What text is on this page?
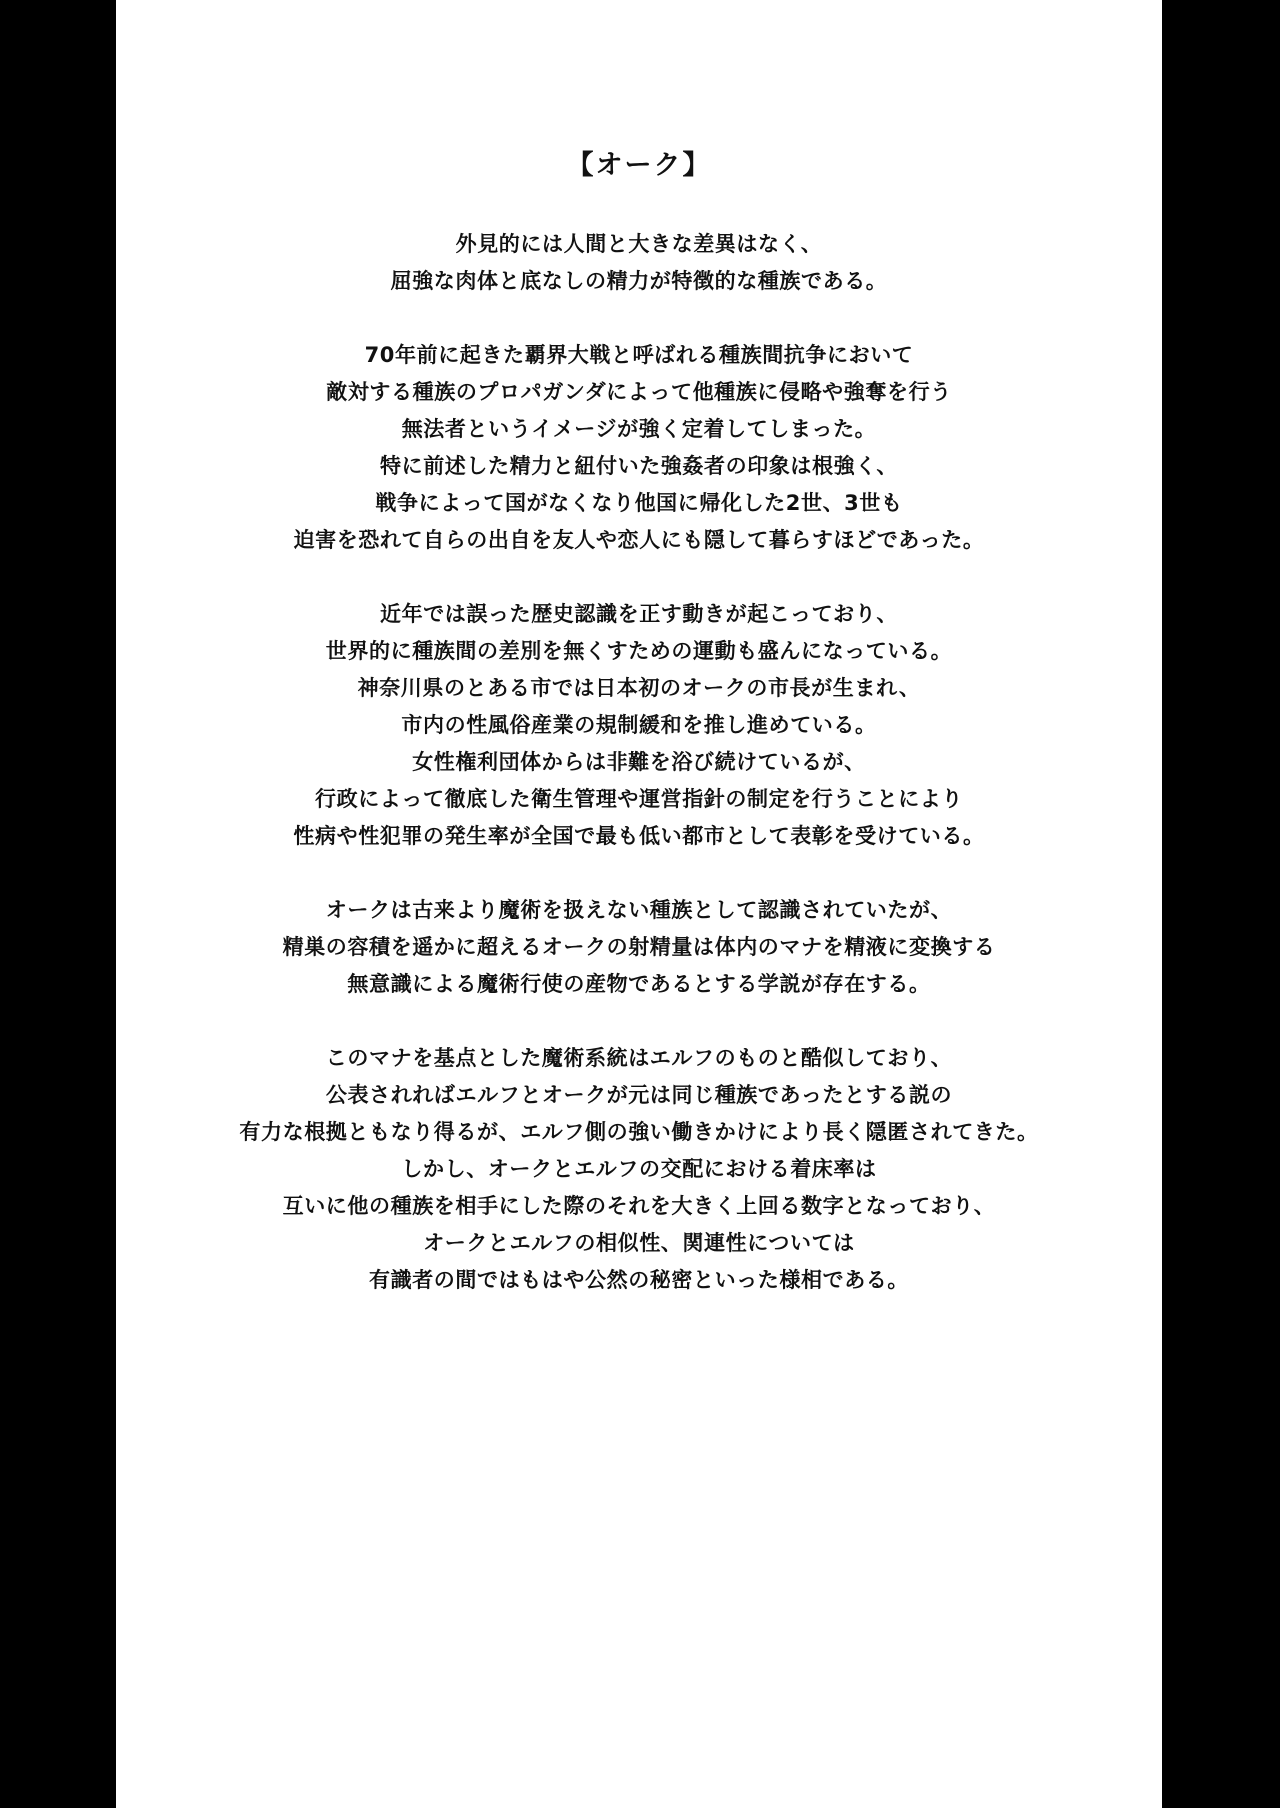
【オーク】
外見的には人間と大きな差異はなく、
屈強な肉体と底なしの精力が特徴的な種族である。
70年前に起きた覇界大戦と呼ばれる種族間抗争において
敵対する種族のプロパガンダによって他種族に侵略や強奪を行う
無法者というイメージが強く定着してしまった。
特に前述した精力と紐付いた強姦者の印象は根強く、
戦争によって国がなくなり他国に帰化した2世、3世も
迫害を恐れて自らの出自を友人や恋人にも隠して暮らすほどであった。
近年では誤った歴史認識を正す動きが起こっており、
世界的に種族間の差別を無くすための運動も盛んになっている。
神奈川県のとある市では日本初のオークの市長が生まれ、
市内の性風俗産業の規制緩和を推し進めている。
女性権利団体からは非難を浴び続けているが、
行政によって徹底した衛生管理や運営指針の制定を行うことにより
性病や性犯罪の発生率が全国で最も低い都市として表彰を受けている。
オークは古来より魔術を扱えない種族として認識されていたが、
精巣の容積を遥かに超えるオークの射精量は体内のマナを精液に変換する
無意識による魔術行使の産物であるとする学説が存在する。
このマナを基点とした魔術系統はエルフのものと酷似しており、
公表されればエルフとオークが元は同じ種族であったとする説の
有力な根拠ともなり得るが、エルフ側の強い働きかけにより長く隠匿されてきた。
しかし、オークとエルフの交配における着床率は
互いに他の種族を相手にした際のそれを大きく上回る数字となっており、
オークとエルフの相似性、関連性については
有識者の間ではもはや公然の秘密といった様相である。
